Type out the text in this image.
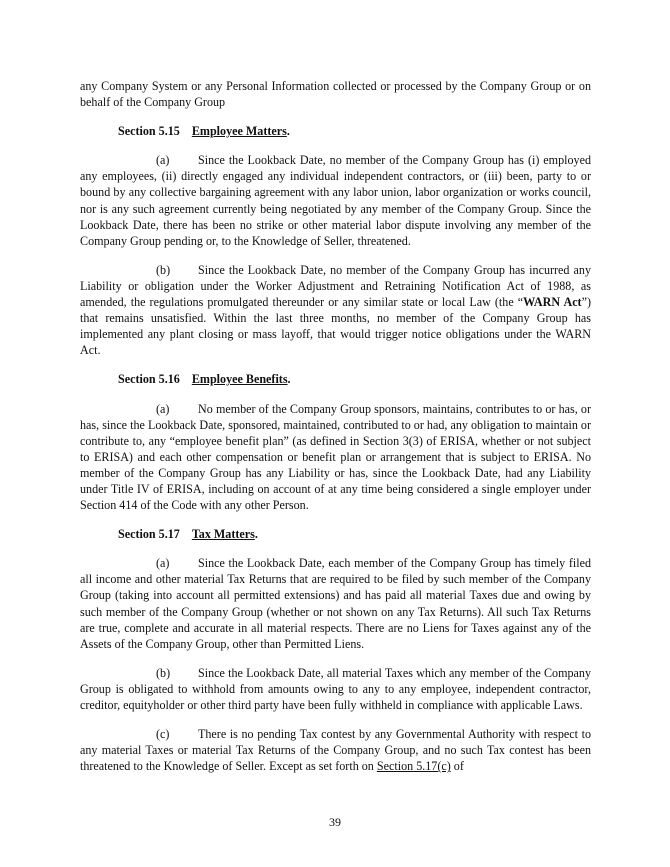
any Company System or any Personal Information collected or processed by the Company Group or on behalf of the Company Group

Section 5.15 Employee Matters.

(a) Since the Lookback Date, no member of the Company Group has (i) employed any employees, (ii) directly engaged any individual independent contractors, or (iii) been, party to or bound by any collective bargaining agreement with any labor union, labor organization or works council, nor is any such agreement currently being negotiated by any member of the Company Group. Since the Lookback Date, there has been no strike or other material labor dispute involving any member of the Company Group pending or, to the Knowledge of Seller, threatened.

(b) Since the Lookback Date, no member of the Company Group has incurred any Liability or obligation under the Worker Adjustment and Retraining Notification Act of 1988, as amended, the regulations promulgated thereunder or any similar state or local Law (the “WARN Act”) that remains unsatisfied. Within the last three months, no member of the Company Group has implemented any plant closing or mass layoff, that would trigger notice obligations under the WARN Act.

Section 5.16 Employee Benefits.

(a) No member of the Company Group sponsors, maintains, contributes to or has, or has, since the Lookback Date, sponsored, maintained, contributed to or had, any obligation to maintain or contribute to, any “employee benefit plan” (as defined in Section 3(3) of ERISA, whether or not subject to ERISA) and each other compensation or benefit plan or arrangement that is subject to ERISA. No member of the Company Group has any Liability or has, since the Lookback Date, had any Liability under Title IV of ERISA, including on account of at any time being considered a single employer under Section 414 of the Code with any other Person.

Section 5.17 Tax Matters.

(a) Since the Lookback Date, each member of the Company Group has timely filed all income and other material Tax Returns that are required to be filed by such member of the Company Group (taking into account all permitted extensions) and has paid all material Taxes due and owing by such member of the Company Group (whether or not shown on any Tax Returns). All such Tax Returns are true, complete and accurate in all material respects. There are no Liens for Taxes against any of the Assets of the Company Group, other than Permitted Liens.

(b) Since the Lookback Date, all material Taxes which any member of the Company Group is obligated to withhold from amounts owing to any to any employee, independent contractor, creditor, equityholder or other third party have been fully withheld in compliance with applicable Laws.

(c) There is no pending Tax contest by any Governmental Authority with respect to any material Taxes or material Tax Returns of the Company Group, and no such Tax contest has been threatened to the Knowledge of Seller. Except as set forth on Section 5.17(c) of

39
